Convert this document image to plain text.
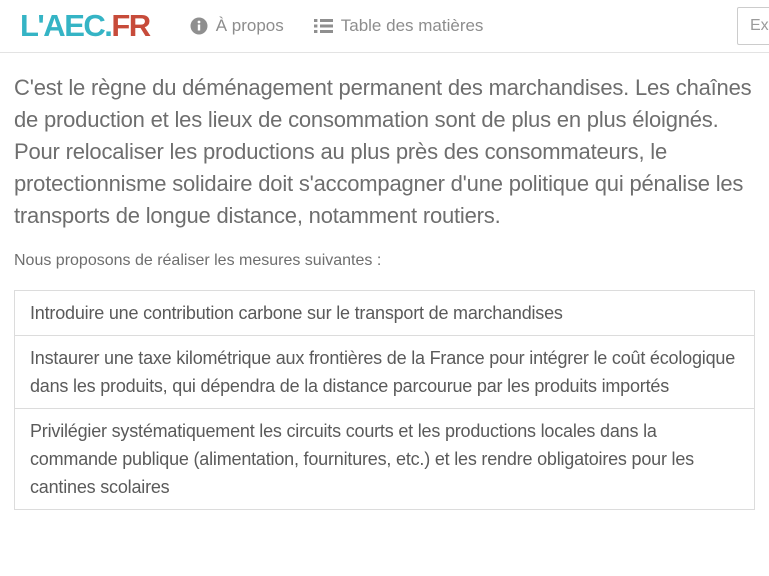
L'AEC.FR	À propos	Table des matières
Ex

C'est le règne du déménagement permanent des marchandises. Les chaînes de production et les lieux de consommation sont de plus en plus éloignés. Pour relocaliser les productions au plus près des consommateurs, le protectionnisme solidaire doit s'accompagner d'une politique qui pénalise les transports de longue distance, notamment routiers.

Nous proposons de réaliser les mesures suivantes :

Introduire une contribution carbone sur le transport de marchandises
Instaurer une taxe kilométrique aux frontières de la France pour intégrer le coût écologique dans les produits, qui dépendra de la distance parcourue par les produits importés
Privilégier systématiquement les circuits courts et les productions locales dans la commande publique (alimentation, fournitures, etc.) et les rendre obligatoires pour les cantines scolaires
